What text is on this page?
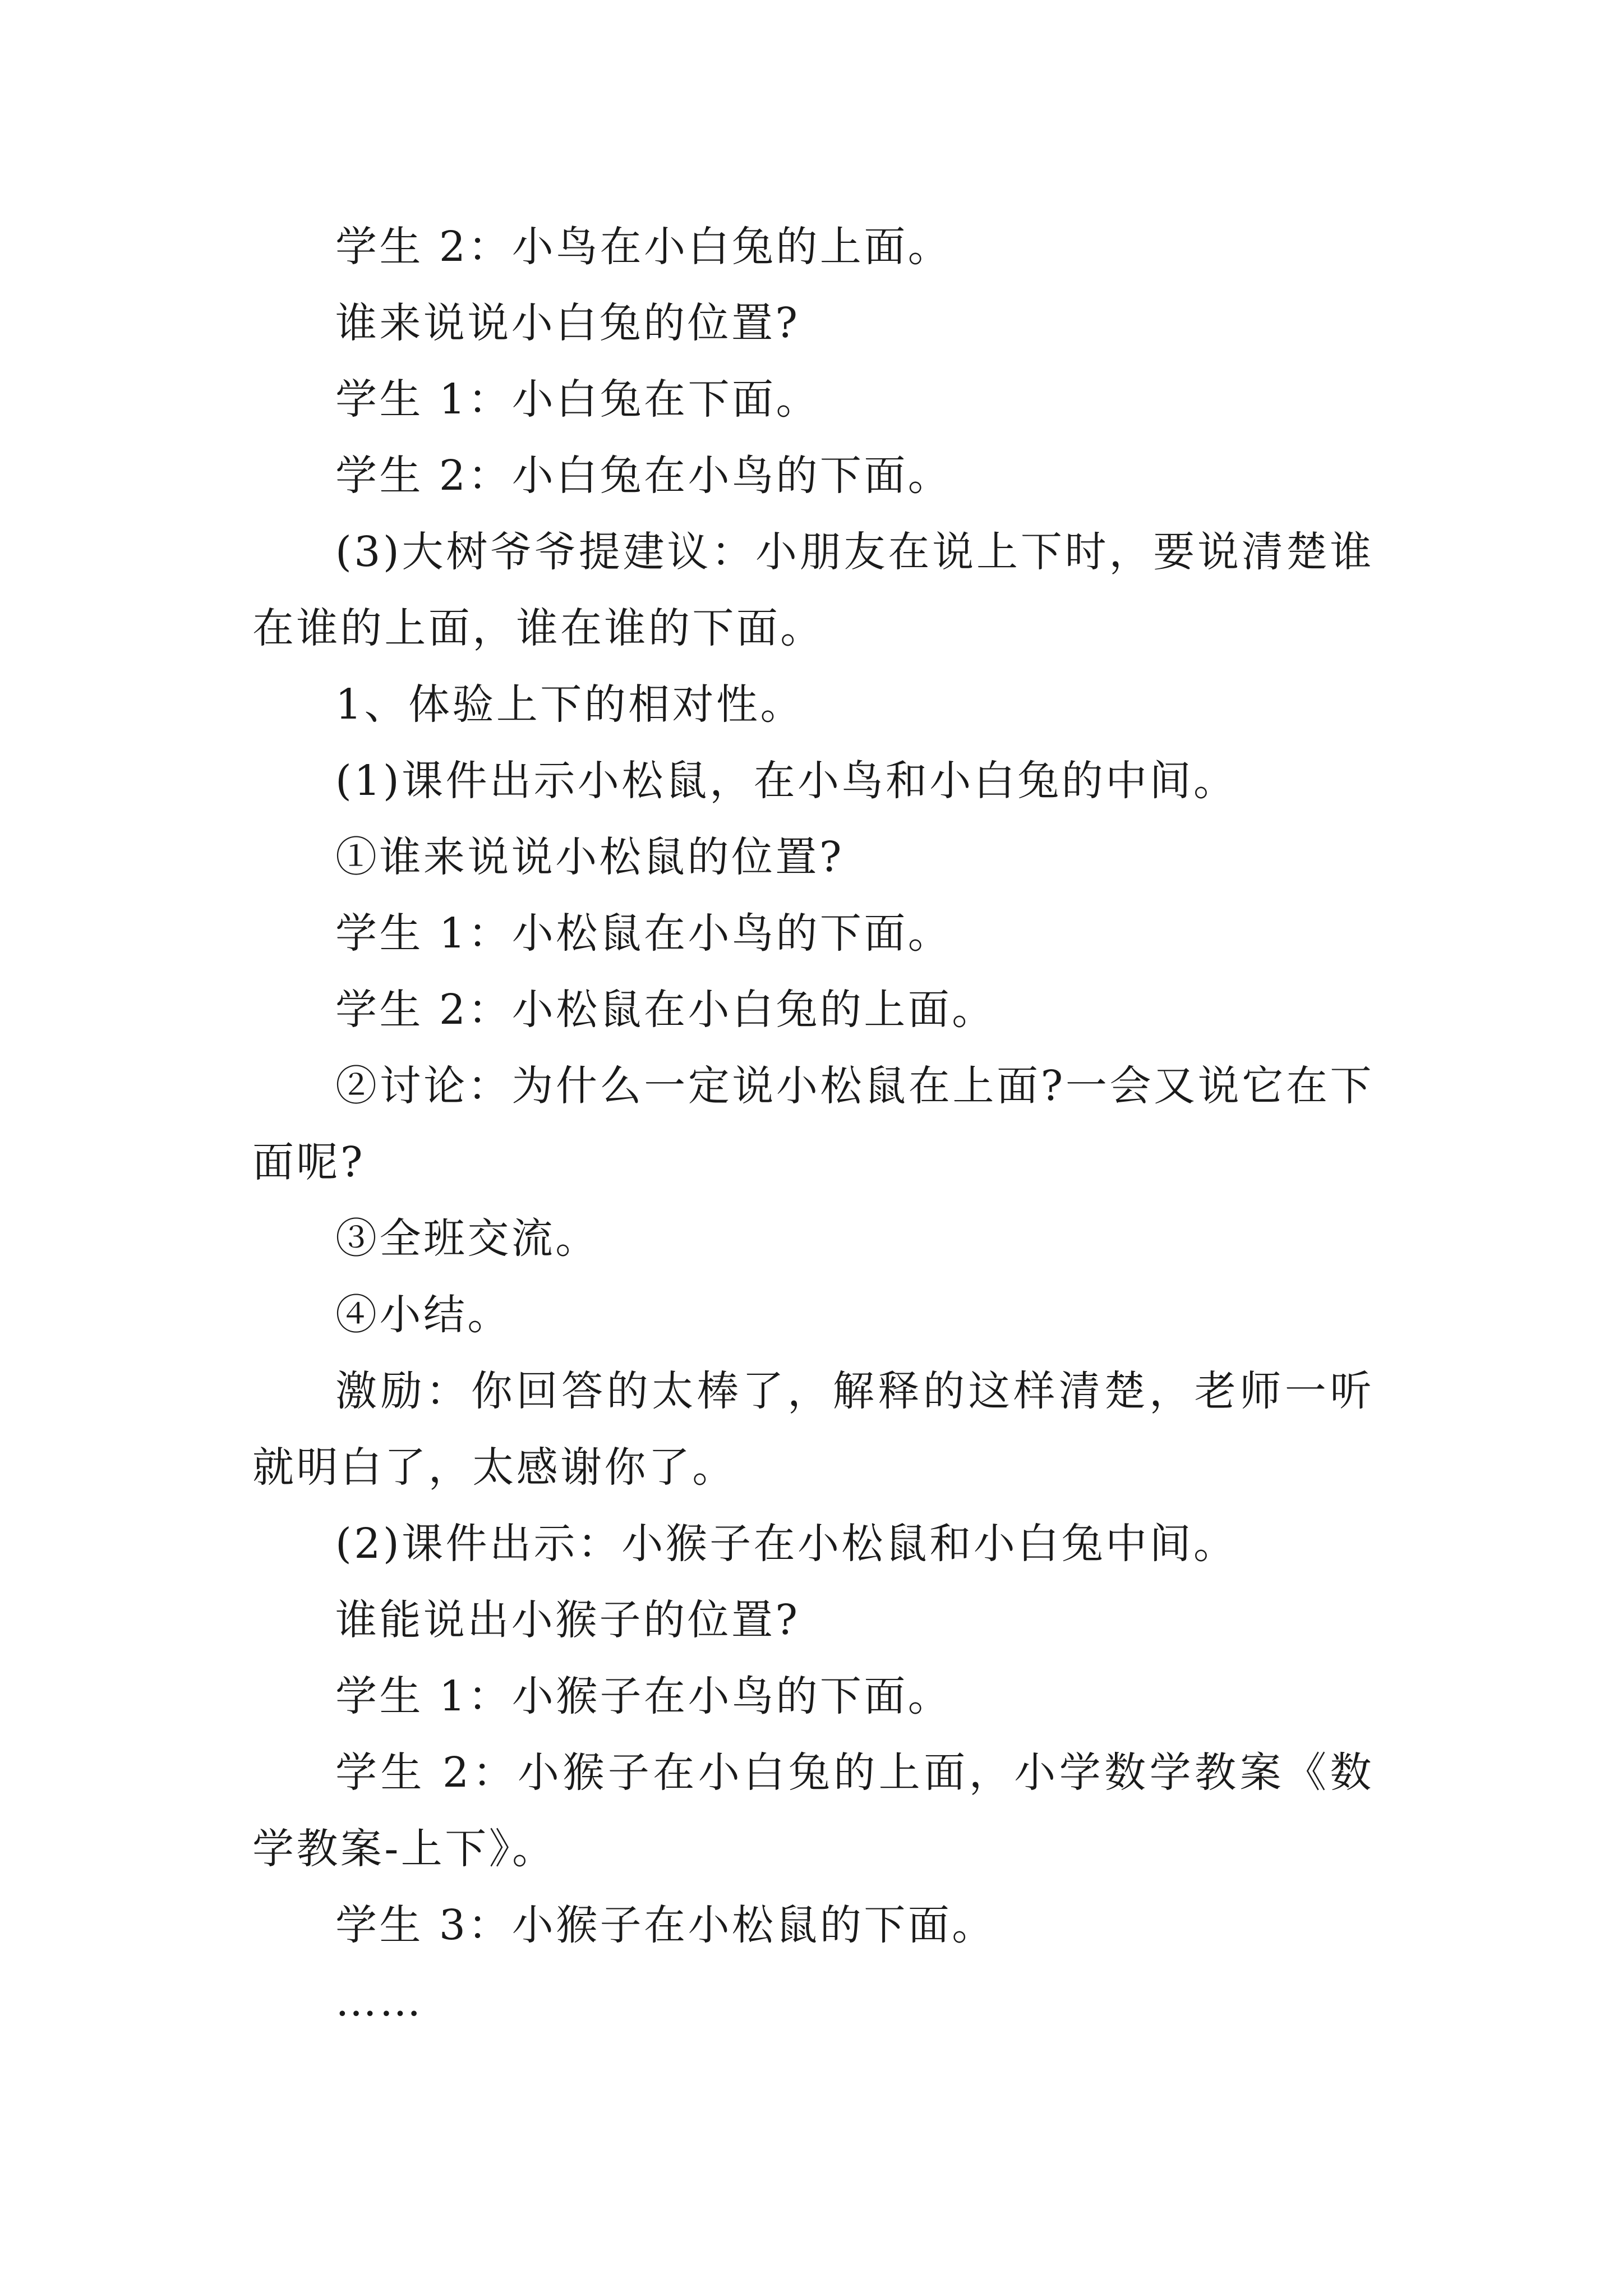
学生 2：小鸟在小白兔的上面。

谁来说说小白兔的位置?

学生 1：小白兔在下面。

学生 2：小白兔在小鸟的下面。

(3)大树爷爷提建议：小朋友在说上下时，要说清楚谁在谁的上面，谁在谁的下面。

1、体验上下的相对性。

(1)课件出示小松鼠，在小鸟和小白兔的中间。

①谁来说说小松鼠的位置?

学生 1：小松鼠在小鸟的下面。

学生 2：小松鼠在小白兔的上面。

②讨论：为什么一定说小松鼠在上面?一会又说它在下面呢?

③全班交流。

④小结。

激励：你回答的太棒了，解释的这样清楚，老师一听就明白了，太感谢你了。

(2)课件出示：小猴子在小松鼠和小白兔中间。

谁能说出小猴子的位置?

学生 1：小猴子在小鸟的下面。

学生 2：小猴子在小白兔的上面，小学数学教案《数学教案-上下》。

学生 3：小猴子在小松鼠的下面。

……
